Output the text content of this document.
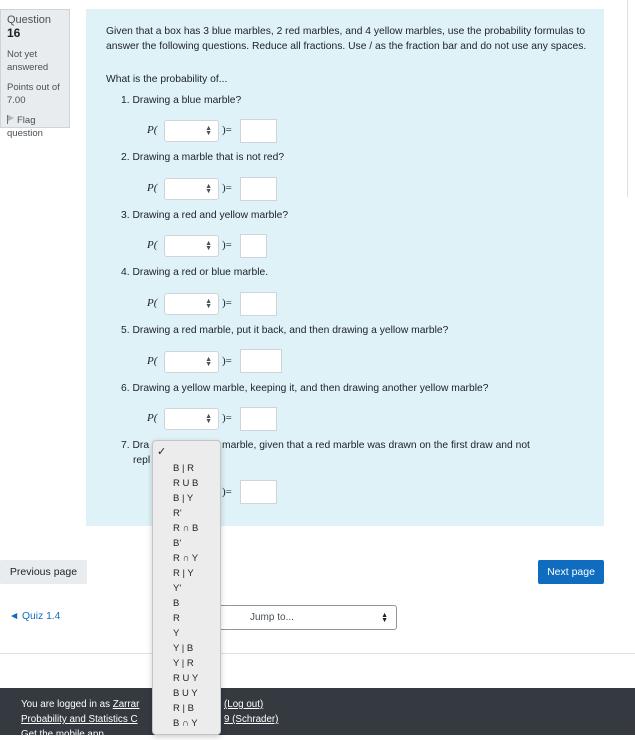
Question 16
Not yet answered
Points out of 7.00
Flag question
Given that a box has 3 blue marbles, 2 red marbles, and 4 yellow marbles, use the probability formulas to answer the following questions. Reduce all fractions. Use / as the fraction bar and do not use any spaces.
What is the probability of...
1. Drawing a blue marble?
2. Drawing a marble that is not red?
3. Drawing a red and yellow marble?
4. Drawing a red or blue marble.
5. Drawing a red marble, put it back, and then drawing a yellow marble?
6. Drawing a yellow marble, keeping it, and then drawing another yellow marble?
7. Dra	marble, given that a red marble was drawn on the first draw and not
repl
P(	▲
▼ )=
P(	▲
▼ )=
P(	▲
▼ )=
P(	▲
▼ )=
P(	▲
▼ )=
P(	▲
▼ )=
)=
Previous page	Next page
◄ Quiz 1.4	Jump to...	▲
▼
You are logged in as Zarrar	(Log out)
Probability and Statistics C	9 (Schrader)
Get the mobile app
✓
B | R
R U B
B | Y
R'
R ∩ B
B'
R ∩ Y
R | Y
Y'
B
R
Y
Y | B
Y | R
R U Y
B U Y
R | B
B ∩ Y
